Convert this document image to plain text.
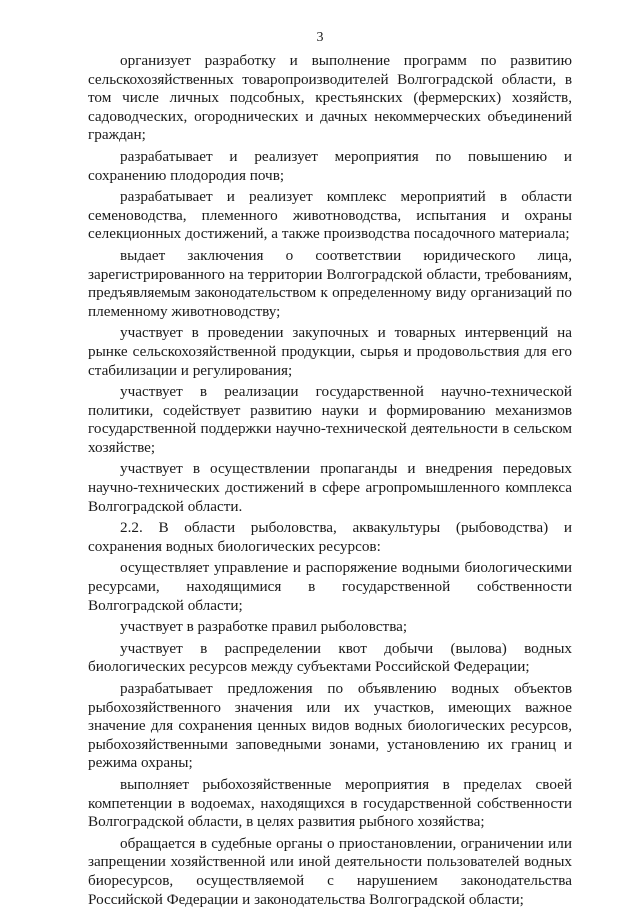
3

организует разработку и выполнение программ по развитию сельскохозяйственных товаропроизводителей Волгоградской области, в том числе личных подсобных, крестьянских (фермерских) хозяйств, садоводческих, огороднических и дачных некоммерческих объединений граждан;

разрабатывает и реализует мероприятия по повышению и сохранению плодородия почв;

разрабатывает и реализует комплекс мероприятий в области семеноводства, племенного животноводства, испытания и охраны селекционных достижений, а также производства посадочного материала;

выдает заключения о соответствии юридического лица, зарегистрированного на территории Волгоградской области, требованиям, предъявляемым законодательством к определенному виду организаций по племенному животноводству;

участвует в проведении закупочных и товарных интервенций на рынке сельскохозяйственной продукции, сырья и продовольствия для его стабилизации и регулирования;

участвует в реализации государственной научно-технической политики, содействует развитию науки и формированию механизмов государственной поддержки научно-технической деятельности в сельском хозяйстве;

участвует в осуществлении пропаганды и внедрения передовых научно-технических достижений в сфере агропромышленного комплекса Волгоградской области.

2.2. В области рыболовства, аквакультуры (рыбоводства) и сохранения водных биологических ресурсов:

осуществляет управление и распоряжение водными биологическими ресурсами, находящимися в государственной собственности Волгоградской области;

участвует в разработке правил рыболовства;

участвует в распределении квот добычи (вылова) водных биологических ресурсов между субъектами Российской Федерации;

разрабатывает предложения по объявлению водных объектов рыбохозяйственного значения или их участков, имеющих важное значение для сохранения ценных видов водных биологических ресурсов, рыбохозяйственными заповедными зонами, установлению их границ и режима охраны;

выполняет рыбохозяйственные мероприятия в пределах своей компетенции в водоемах, находящихся в государственной собственности Волгоградской области, в целях развития рыбного хозяйства;

обращается в судебные органы о приостановлении, ограничении или запрещении хозяйственной или иной деятельности пользователей водных биоресурсов, осуществляемой с нарушением законодательства Российской Федерации и законодательства Волгоградской области;
